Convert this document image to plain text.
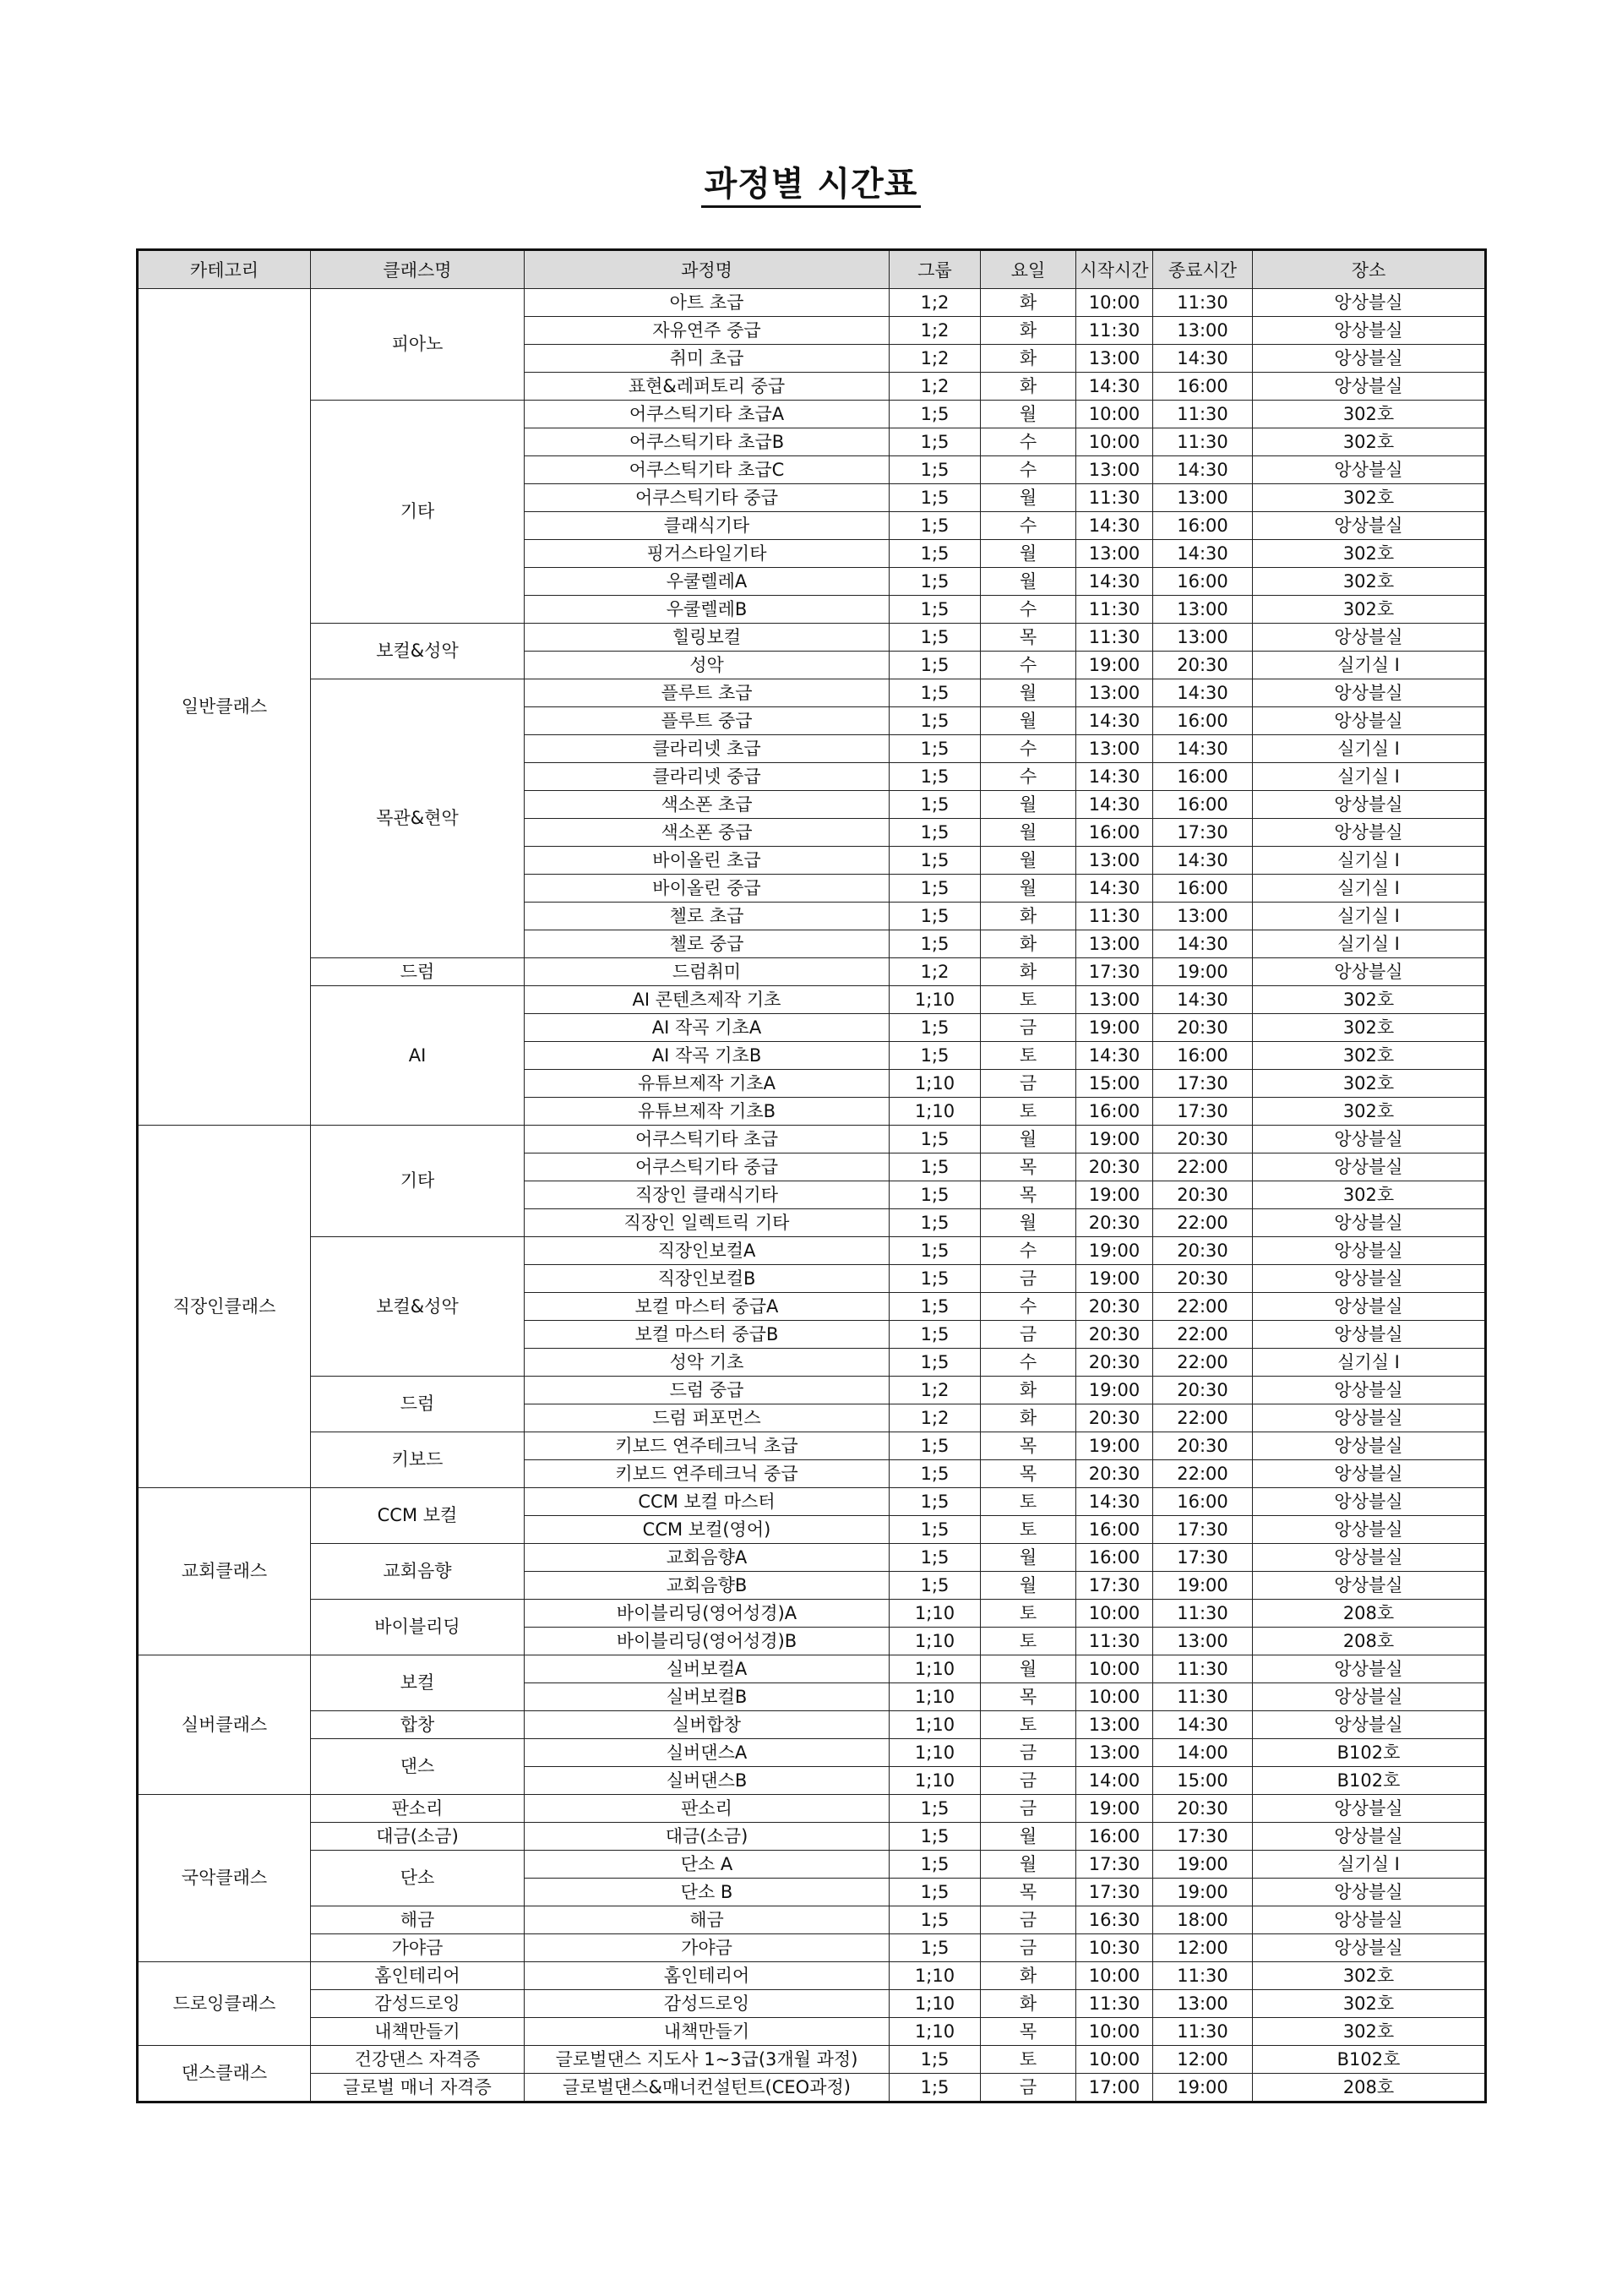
과정별 시간표
카테고리	클래스명	과정명	그룹	요일	시작시간	종료시간	장소
일반클래스	피아노	아트 초급	1;2	화	10:00	11:30	앙상블실
		자유연주 중급	1;2	화	11:30	13:00	앙상블실
		취미 초급	1;2	화	13:00	14:30	앙상블실
		표현&레퍼토리 중급	1;2	화	14:30	16:00	앙상블실
	기타	어쿠스틱기타 초급A	1;5	월	10:00	11:30	302호
		어쿠스틱기타 초급B	1;5	수	10:00	11:30	302호
		어쿠스틱기타 초급C	1;5	수	13:00	14:30	앙상블실
		어쿠스틱기타 중급	1;5	월	11:30	13:00	302호
		클래식기타	1;5	수	14:30	16:00	앙상블실
		핑거스타일기타	1;5	월	13:00	14:30	302호
		우쿨렐레A	1;5	월	14:30	16:00	302호
		우쿨렐레B	1;5	수	11:30	13:00	302호
	보컬&성악	힐링보컬	1;5	목	11:30	13:00	앙상블실
		성악	1;5	수	19:00	20:30	실기실 I
	목관&현악	플루트 초급	1;5	월	13:00	14:30	앙상블실
		플루트 중급	1;5	월	14:30	16:00	앙상블실
		클라리넷 초급	1;5	수	13:00	14:30	실기실 I
		클라리넷 중급	1;5	수	14:30	16:00	실기실 I
		색소폰 초급	1;5	월	14:30	16:00	앙상블실
		색소폰 중급	1;5	월	16:00	17:30	앙상블실
		바이올린 초급	1;5	월	13:00	14:30	실기실 I
		바이올린 중급	1;5	월	14:30	16:00	실기실 I
		첼로 초급	1;5	화	11:30	13:00	실기실 I
		첼로 중급	1;5	화	13:00	14:30	실기실 I
	드럼	드럼취미	1;2	화	17:30	19:00	앙상블실
	AI	AI 콘텐츠제작 기초	1;10	토	13:00	14:30	302호
		AI 작곡 기초A	1;5	금	19:00	20:30	302호
		AI 작곡 기초B	1;5	토	14:30	16:00	302호
		유튜브제작 기초A	1;10	금	15:00	17:30	302호
		유튜브제작 기초B	1;10	토	16:00	17:30	302호
직장인클래스	기타	어쿠스틱기타 초급	1;5	월	19:00	20:30	앙상블실
		어쿠스틱기타 중급	1;5	목	20:30	22:00	앙상블실
		직장인 클래식기타	1;5	목	19:00	20:30	302호
		직장인 일렉트릭 기타	1;5	월	20:30	22:00	앙상블실
	보컬&성악	직장인보컬A	1;5	수	19:00	20:30	앙상블실
		직장인보컬B	1;5	금	19:00	20:30	앙상블실
		보컬 마스터 중급A	1;5	수	20:30	22:00	앙상블실
		보컬 마스터 중급B	1;5	금	20:30	22:00	앙상블실
		성악 기초	1;5	수	20:30	22:00	실기실 I
	드럼	드럼 중급	1;2	화	19:00	20:30	앙상블실
		드럼 퍼포먼스	1;2	화	20:30	22:00	앙상블실
	키보드	키보드 연주테크닉 초급	1;5	목	19:00	20:30	앙상블실
		키보드 연주테크닉 중급	1;5	목	20:30	22:00	앙상블실
교회클래스	CCM 보컬	CCM 보컬 마스터	1;5	토	14:30	16:00	앙상블실
		CCM 보컬(영어)	1;5	토	16:00	17:30	앙상블실
	교회음향	교회음향A	1;5	월	16:00	17:30	앙상블실
		교회음향B	1;5	월	17:30	19:00	앙상블실
	바이블리딩	바이블리딩(영어성경)A	1;10	토	10:00	11:30	208호
		바이블리딩(영어성경)B	1;10	토	11:30	13:00	208호
실버클래스	보컬	실버보컬A	1;10	월	10:00	11:30	앙상블실
		실버보컬B	1;10	목	10:00	11:30	앙상블실
	합창	실버합창	1;10	토	13:00	14:30	앙상블실
	댄스	실버댄스A	1;10	금	13:00	14:00	B102호
		실버댄스B	1;10	금	14:00	15:00	B102호
국악클래스	판소리	판소리	1;5	금	19:00	20:30	앙상블실
	대금(소금)	대금(소금)	1;5	월	16:00	17:30	앙상블실
	단소	단소 A	1;5	월	17:30	19:00	실기실 I
		단소 B	1;5	목	17:30	19:00	앙상블실
	해금	해금	1;5	금	16:30	18:00	앙상블실
	가야금	가야금	1;5	금	10:30	12:00	앙상블실
드로잉클래스	홈인테리어	홈인테리어	1;10	화	10:00	11:30	302호
	감성드로잉	감성드로잉	1;10	화	11:30	13:00	302호
	내책만들기	내책만들기	1;10	목	10:00	11:30	302호
댄스클래스	건강댄스 자격증	글로벌댄스 지도사 1~3급(3개월 과정)	1;5	토	10:00	12:00	B102호
	글로벌 매너 자격증	글로벌댄스&매너컨설턴트(CEO과정)	1;5	금	17:00	19:00	208호
